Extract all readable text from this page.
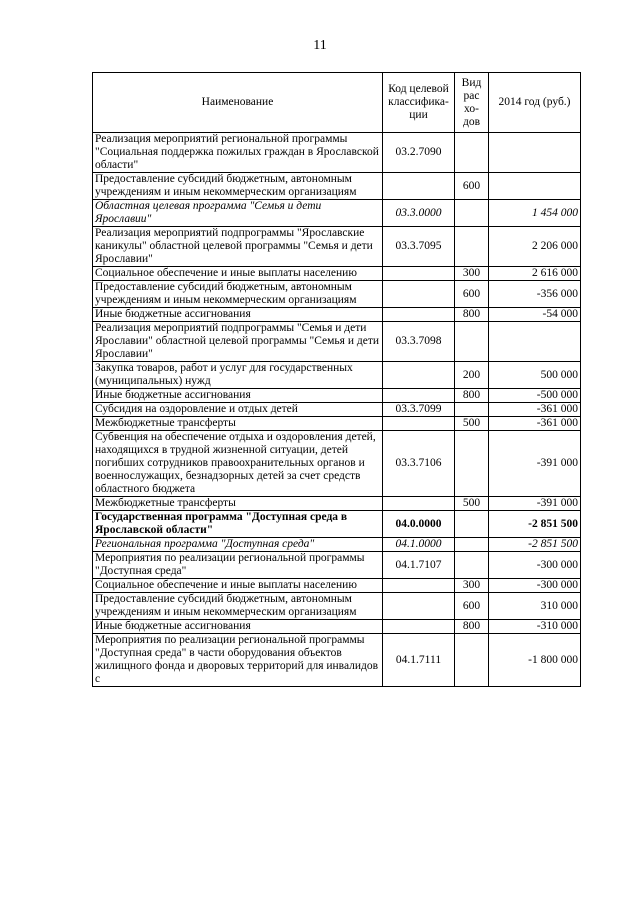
11
Наименование	Код целевой классифика-ции	Вид рас хо-дов	2014 год (руб.)
Реализация мероприятий региональной программы "Социальная поддержка пожилых граждан в Ярославской области"	03.2.7090		
Предоставление субсидий бюджетным, автономным учреждениям и иным некоммерческим организациям		600	
Областная целевая программа "Семья и дети Ярославии"	03.3.0000		1 454 000
Реализация мероприятий подпрограммы "Ярославские каникулы" областной целевой программы "Семья и дети Ярославии"	03.3.7095		2 206 000
Социальное обеспечение и иные выплаты населению		300	2 616 000
Предоставление субсидий бюджетным, автономным учреждениям и иным некоммерческим организациям		600	-356 000
Иные бюджетные ассигнования		800	-54 000
Реализация мероприятий подпрограммы "Семья и дети Ярославии" областной целевой программы "Семья и дети Ярославии"	03.3.7098		
Закупка товаров, работ и услуг для государственных (муниципальных) нужд		200	500 000
Иные бюджетные ассигнования		800	-500 000
Субсидия на оздоровление и отдых детей	03.3.7099		-361 000
Межбюджетные трансферты		500	-361 000
Субвенция на обеспечение отдыха и оздоровления детей, находящихся в трудной жизненной ситуации, детей погибших сотрудников правоохранительных органов и военнослужащих, безнадзорных детей за счет средств областного бюджета	03.3.7106		-391 000
Межбюджетные трансферты		500	-391 000
Государственная программа "Доступная среда в Ярославской области"	04.0.0000		-2 851 500
Региональная программа "Доступная среда"	04.1.0000		-2 851 500
Мероприятия по реализации региональной программы "Доступная среда"	04.1.7107		-300 000
Социальное обеспечение и иные выплаты населению		300	-300 000
Предоставление субсидий бюджетным, автономным учреждениям и иным некоммерческим организациям		600	310 000
Иные бюджетные ассигнования		800	-310 000
Мероприятия по реализации региональной программы "Доступная среда" в части оборудования объектов жилищного фонда и дворовых территорий для инвалидов с	04.1.7111		-1 800 000
